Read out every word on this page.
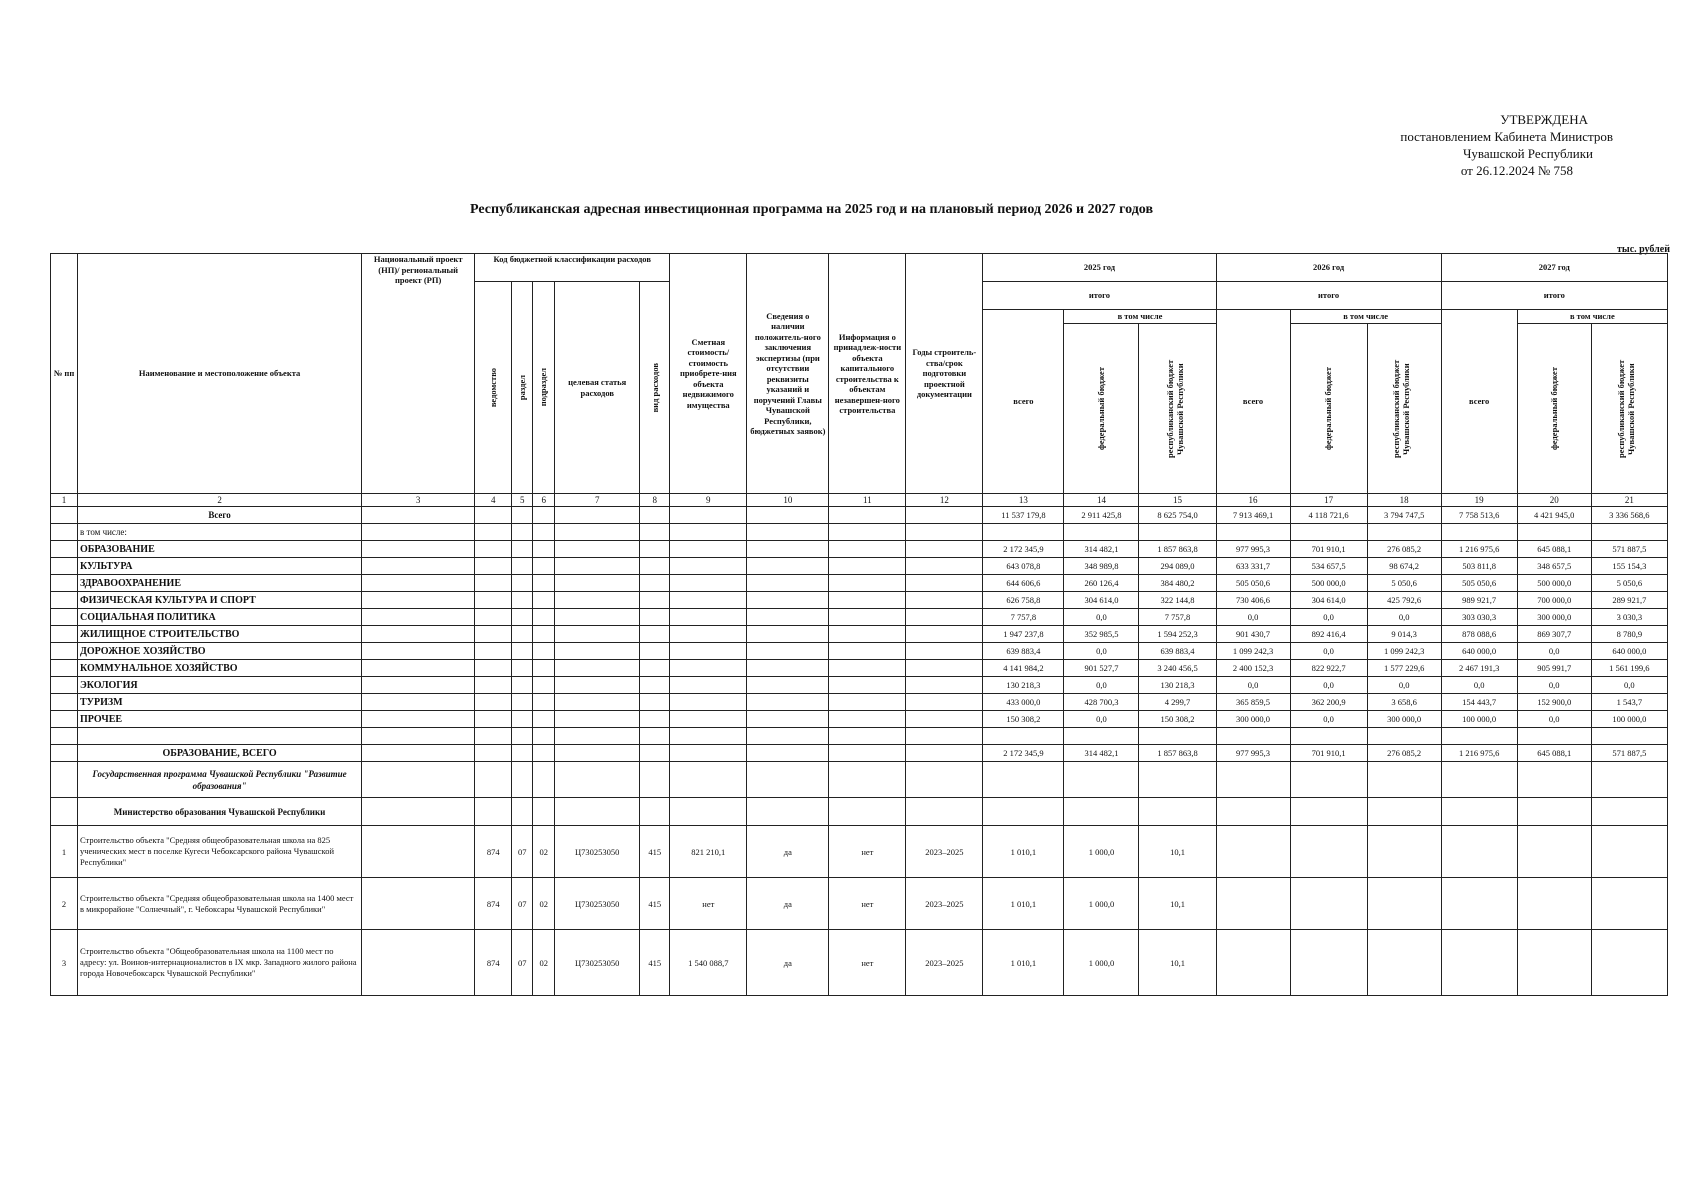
УТВЕРЖДЕНА
постановлением Кабинета Министров
Чувашской Республики
от 26.12.2024 № 758
Республиканская адресная инвестиционная программа на 2025 год и на плановый период 2026 и 2027 годов
тыс. рублей
№ пп	Наименование и местоположение объекта	Национальный проект (НП)/ региональный проект (РП)	Код бюджетной классификации расходов					Сметная стоимость/ стоимость приобрете-ния объекта недвижимого имущества	Сведения о наличии положитель-ного заключения экспертизы (при отсутствии реквизиты указаний и поручений Главы Чувашской Республики, бюджетных заявок)	Информация о принадлеж-ности объекта капитального строительства к объектам незавершен-ного строительства	Годы строитель-ства/срок подготовки проектной документации	2025 год			2026 год			2027 год		

			ведомство	раздел	подраздел	целевая статья расходов	вид расходов					итого			итого			итого		
												всего	в том числе		всего	в том числе		всего	в том числе	

													федеральный бюджет	республиканский бюджет Чувашской Республики		федеральный бюджет	республиканский бюджет Чувашской Республики		федеральный бюджет	республиканский бюджет Чувашской Республики

1	2	3	4	5	6	7	8	9	10	11	12	13	14	15	16	17	18	19	20	21
	Всего											11 537 179,8	2 911 425,8	8 625 754,0	7 913 469,1	4 118 721,6	3 794 747,5	7 758 513,6	4 421 945,0	3 336 568,6
	в том числе:																			
	ОБРАЗОВАНИЕ											2 172 345,9	314 482,1	1 857 863,8	977 995,3	701 910,1	276 085,2	1 216 975,6	645 088,1	571 887,5
	КУЛЬТУРА											643 078,8	348 989,8	294 089,0	633 331,7	534 657,5	98 674,2	503 811,8	348 657,5	155 154,3
	ЗДРАВООХРАНЕНИЕ											644 606,6	260 126,4	384 480,2	505 050,6	500 000,0	5 050,6	505 050,6	500 000,0	5 050,6
	ФИЗИЧЕСКАЯ КУЛЬТУРА И СПОРТ											626 758,8	304 614,0	322 144,8	730 406,6	304 614,0	425 792,6	989 921,7	700 000,0	289 921,7
	СОЦИАЛЬНАЯ ПОЛИТИКА											7 757,8	0,0	7 757,8	0,0	0,0	0,0	303 030,3	300 000,0	3 030,3
	ЖИЛИЩНОЕ СТРОИТЕЛЬСТВО											1 947 237,8	352 985,5	1 594 252,3	901 430,7	892 416,4	9 014,3	878 088,6	869 307,7	8 780,9
	ДОРОЖНОЕ ХОЗЯЙСТВО											639 883,4	0,0	639 883,4	1 099 242,3	0,0	1 099 242,3	640 000,0	0,0	640 000,0
	КОММУНАЛЬНОЕ ХОЗЯЙСТВО											4 141 984,2	901 527,7	3 240 456,5	2 400 152,3	822 922,7	1 577 229,6	2 467 191,3	905 991,7	1 561 199,6
	ЭКОЛОГИЯ											130 218,3	0,0	130 218,3	0,0	0,0	0,0	0,0	0,0	0,0
	ТУРИЗМ											433 000,0	428 700,3	4 299,7	365 859,5	362 200,9	3 658,6	154 443,7	152 900,0	1 543,7
	ПРОЧЕЕ											150 308,2	0,0	150 308,2	300 000,0	0,0	300 000,0	100 000,0	0,0	100 000,0

	ОБРАЗОВАНИЕ, ВСЕГО											2 172 345,9	314 482,1	1 857 863,8	977 995,3	701 910,1	276 085,2	1 216 975,6	645 088,1	571 887,5
	Государственная программа Чувашской Республики "Развитие образования"																			
	Министерство образования Чувашской Республики																			
1	Строительство объекта "Средняя общеобразовательная школа на 825 ученических мест в поселке Кугеси Чебоксарского района Чувашской Республики"		874	07	02	Ц730253050	415	821 210,1	да	нет	2023–2025	1 010,1	1 000,0	10,1						
2	Строительство объекта "Средняя общеобразовательная школа на 1400 мест в микрорайоне "Солнечный", г. Чебоксары Чувашской Республики"		874	07	02	Ц730253050	415	нет	да	нет	2023–2025	1 010,1	1 000,0	10,1						
3	Строительство объекта "Общеобразовательная школа на 1100 мест по адресу: ул. Воинов-интернационалистов в IX мкр. Западного жилого района города Новочебоксарск Чувашской Республики"		874	07	02	Ц730253050	415	1 540 088,7	да	нет	2023–2025	1 010,1	1 000,0	10,1						
